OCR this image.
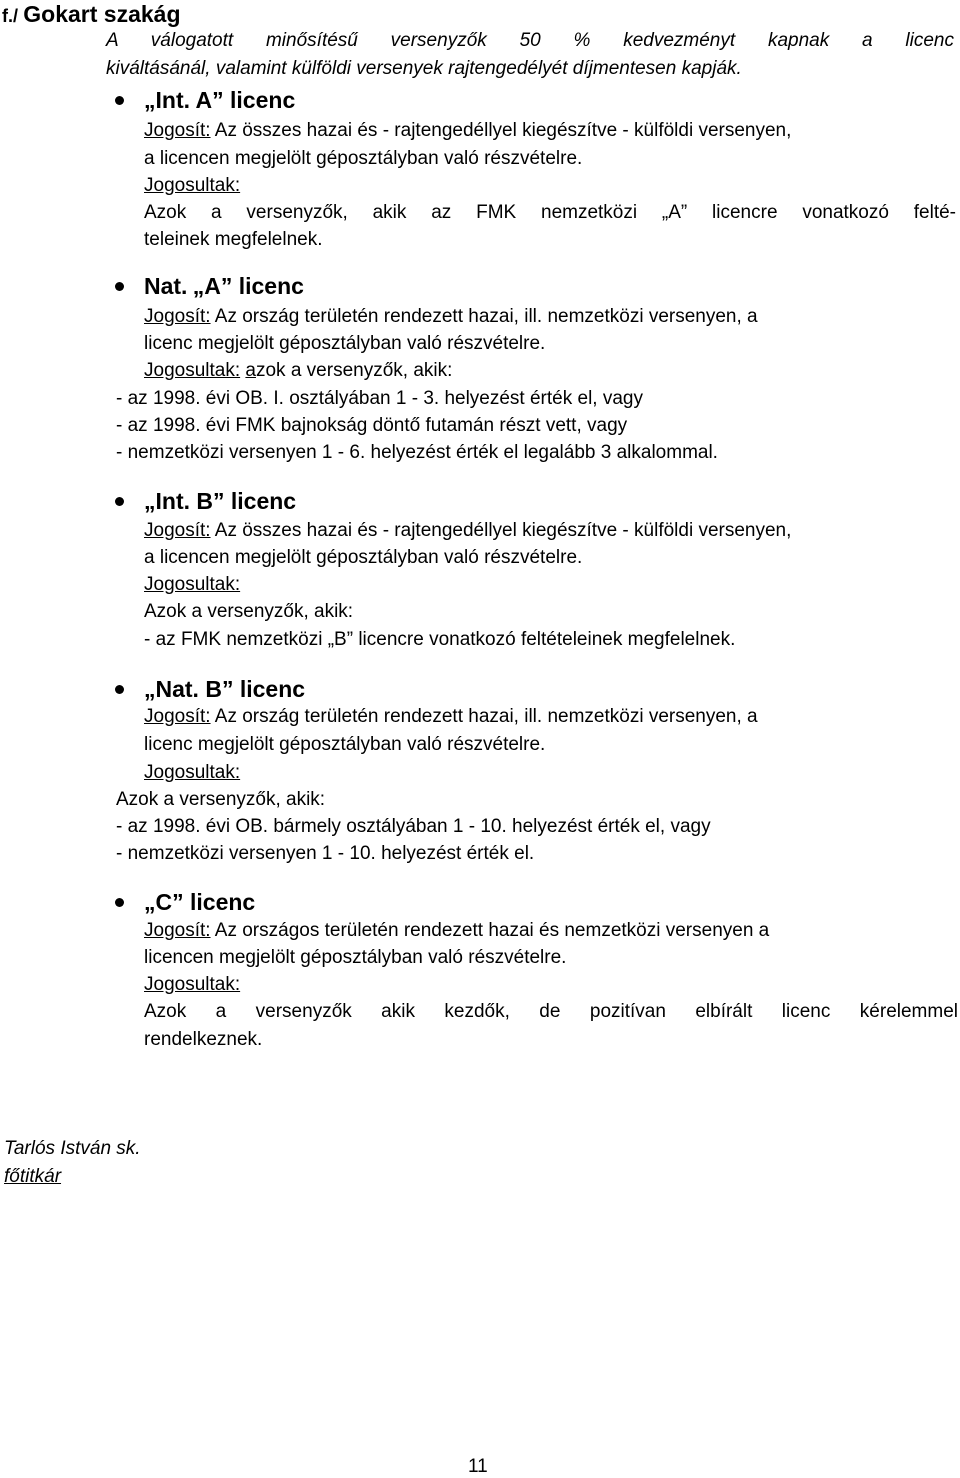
f./ Gokart szakág
A válogatott minősítésű versenyzők 50 % kedvezményt kapnak a licenc
kiváltásánál, valamint külföldi versenyek rajtengedélyét díjmentesen kapják.
„Int. A” licenc
Jogosít: Az összes hazai és - rajtengedéllyel kiegészítve - külföldi versenyen,
a licencen megjelölt géposztályban való részvételre.
Jogosultak:
Azok a versenyzők, akik az FMK nemzetközi „A” licencre vonatkozó felté-
teleinek megfelelnek.
Nat. „A” licenc
Jogosít: Az ország területén rendezett hazai, ill. nemzetközi versenyen, a
licenc megjelölt géposztályban való részvételre.
Jogosultak: azok a versenyzők, akik:
- az 1998. évi OB. I. osztályában 1 - 3. helyezést érték el, vagy
- az 1998. évi FMK bajnokság döntő futamán részt vett, vagy
- nemzetközi versenyen 1 - 6. helyezést érték el legalább 3 alkalommal.
„Int. B” licenc
Jogosít: Az összes hazai és - rajtengedéllyel kiegészítve - külföldi versenyen,
a licencen megjelölt géposztályban való részvételre.
Jogosultak:
Azok a versenyzők, akik:
- az FMK nemzetközi „B” licencre vonatkozó feltételeinek megfelelnek.
„Nat. B” licenc
Jogosít: Az ország területén rendezett hazai, ill. nemzetközi versenyen, a
licenc megjelölt géposztályban való részvételre.
Jogosultak:
Azok a versenyzők, akik:
- az 1998. évi OB. bármely osztályában 1 - 10. helyezést érték el, vagy
- nemzetközi versenyen 1 - 10. helyezést érték el.
„C” licenc
Jogosít: Az országos területén rendezett hazai és nemzetközi versenyen a
licencen megjelölt géposztályban való részvételre.
Jogosultak:
Azok a versenyzők akik kezdők, de pozitívan elbírált licenc kérelemmel
rendelkeznek.
Tarlós István sk.
főtitkár
11
